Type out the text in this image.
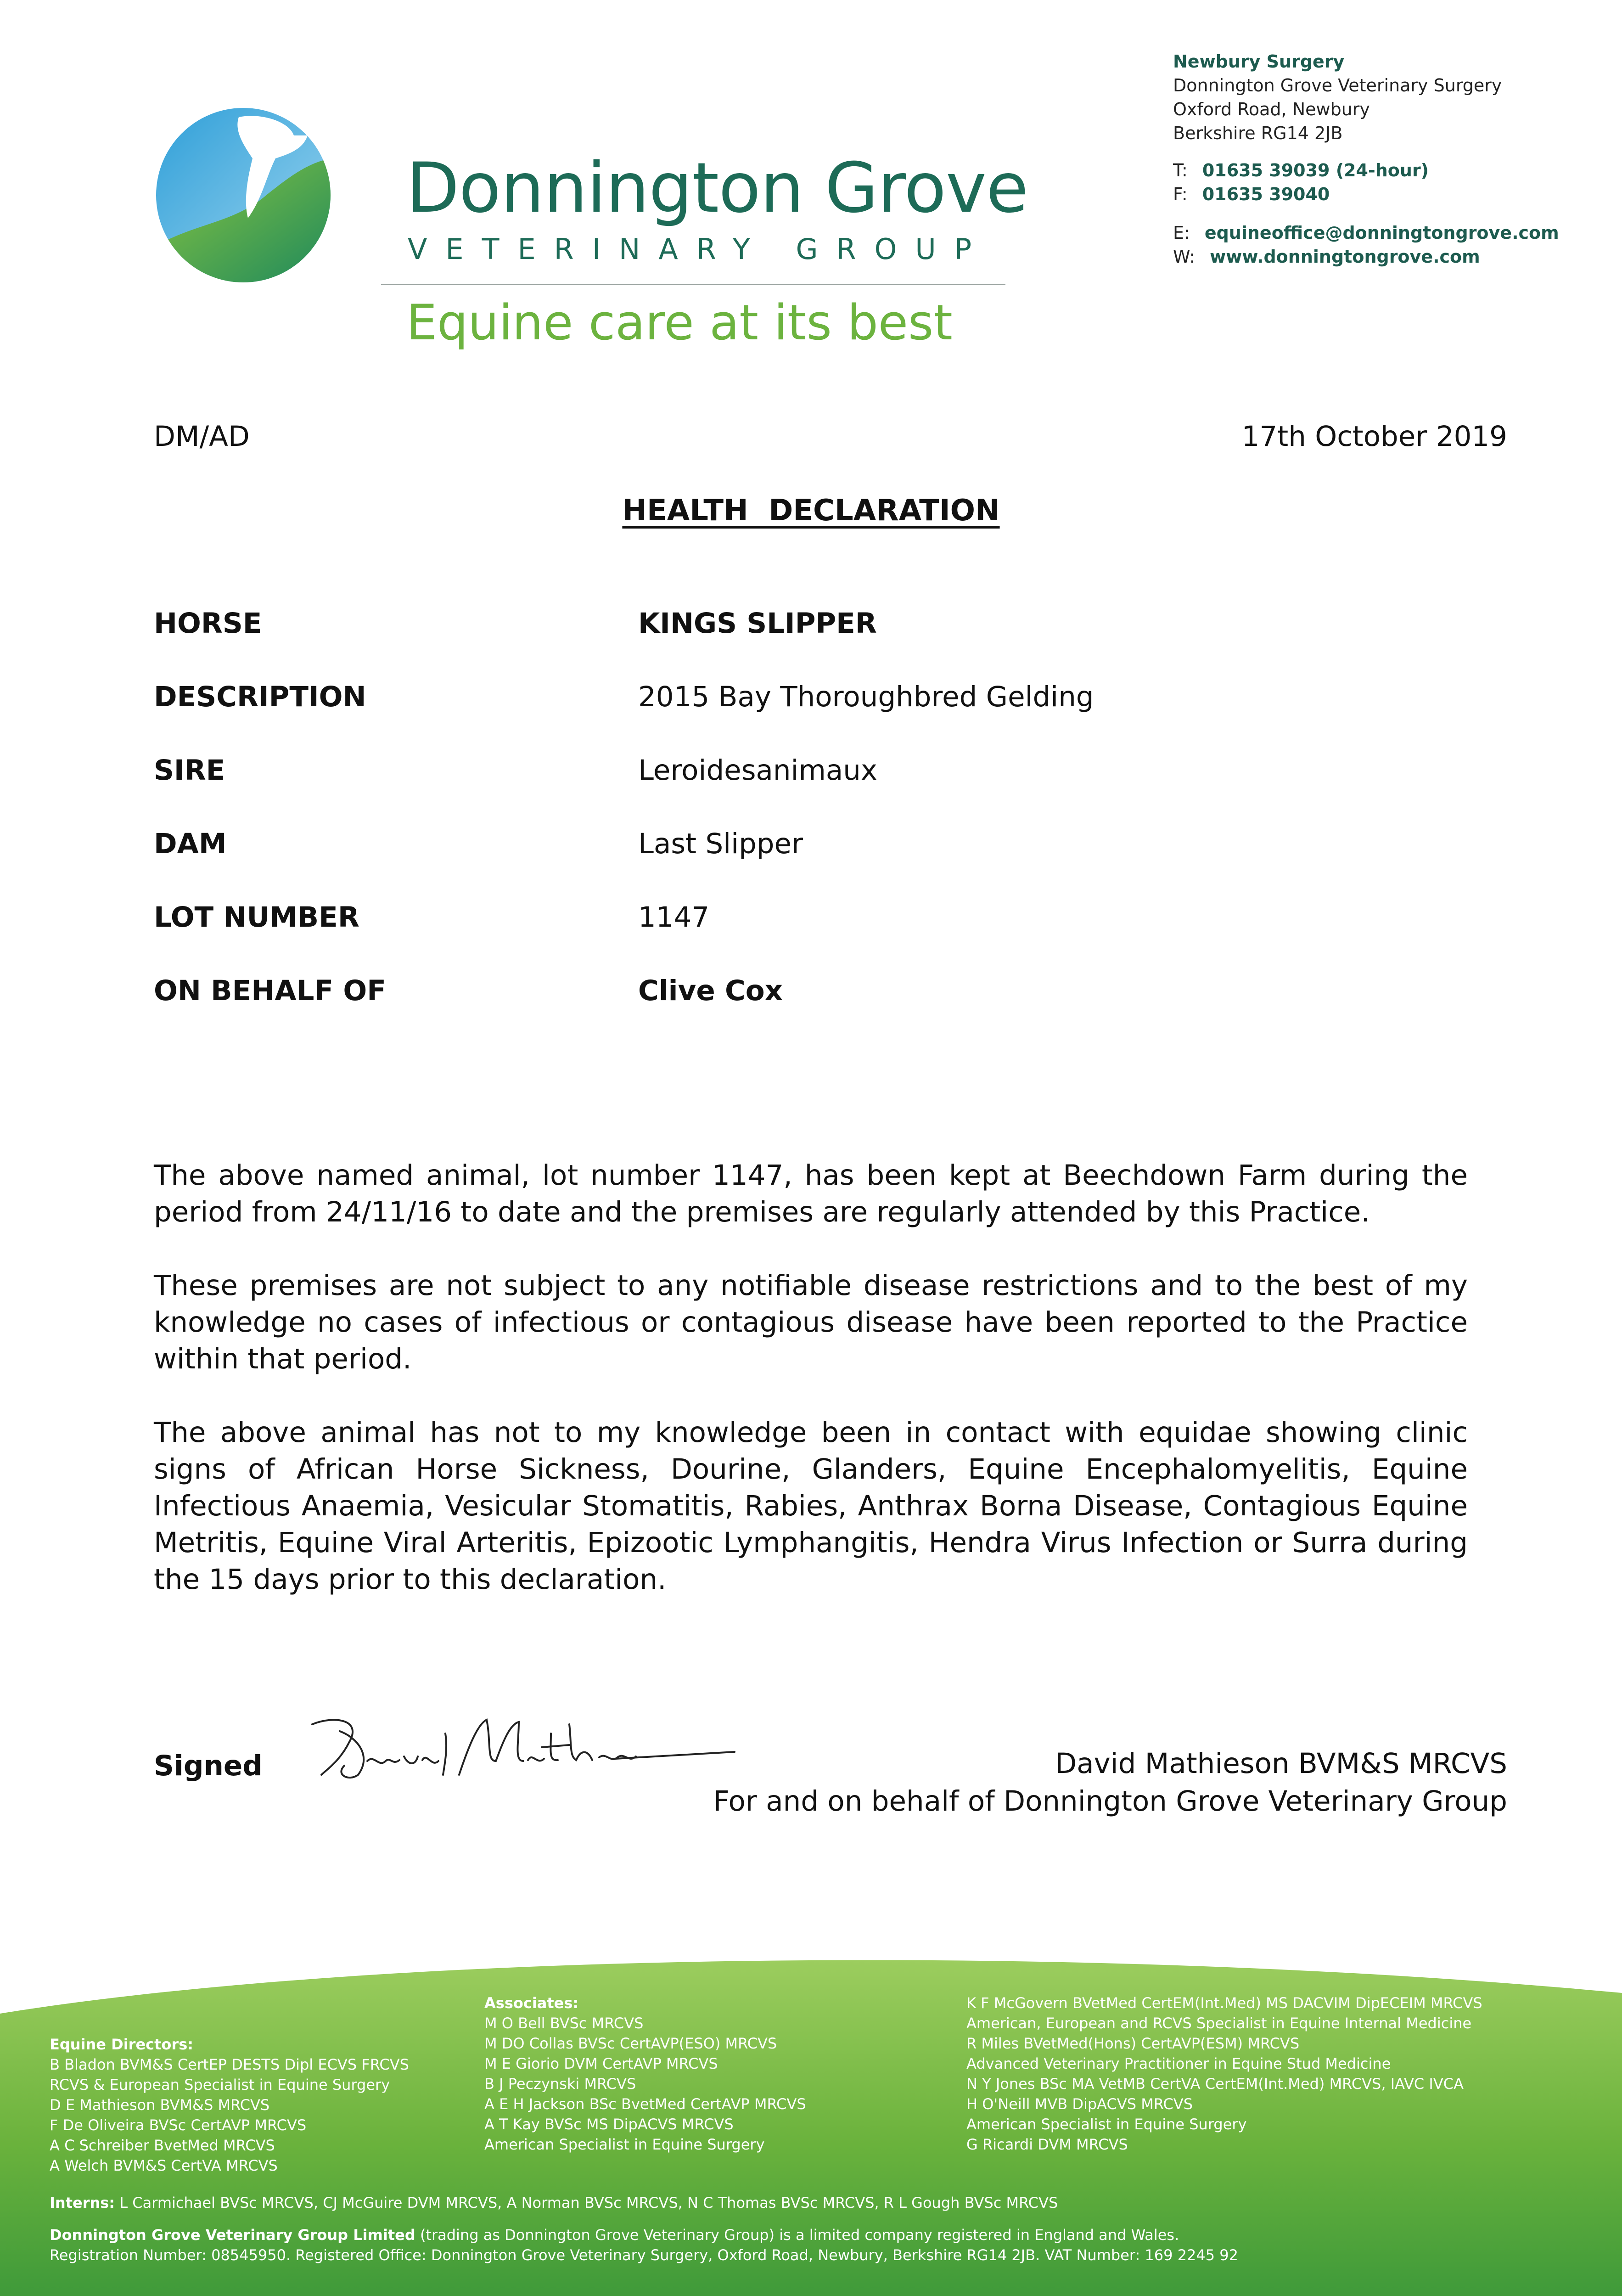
Donnington Grove
VETERINARY GROUP
Equine care at its best
Newbury Surgery
Donnington Grove Veterinary Surgery
Oxford Road, Newbury
Berkshire RG14 2JB
T: 01635 39039 (24-hour)
F: 01635 39040
E: equineoffice@donningtongrove.com
W: www.donningtongrove.com
DM/AD	17th October 2019
HEALTH  DECLARATION
HORSE	KINGS SLIPPER
DESCRIPTION	2015 Bay Thoroughbred Gelding
SIRE	Leroidesanimaux
DAM	Last Slipper
LOT NUMBER	1147
ON BEHALF OF	Clive Cox
The above named animal, lot number 1147, has been kept at Beechdown Farm during the period from 24/11/16 to date and the premises are regularly attended by this Practice.
These premises are not subject to any notifiable disease restrictions and to the best of my knowledge no cases of infectious or contagious disease have been reported to the Practice within that period.
The above animal has not to my knowledge been in contact with equidae showing clinic signs of African Horse Sickness, Dourine, Glanders, Equine Encephalomyelitis, Equine Infectious Anaemia, Vesicular Stomatitis, Rabies, Anthrax Borna Disease, Contagious Equine Metritis, Equine Viral Arteritis, Epizootic Lymphangitis, Hendra Virus Infection or Surra during the 15 days prior to this declaration.
Signed	David Mathieson BVM&S MRCVS
For and on behalf of Donnington Grove Veterinary Group
Equine Directors:
B Bladon BVM&S CertEP DESTS Dipl ECVS FRCVS
RCVS & European Specialist in Equine Surgery
D E Mathieson BVM&S MRCVS
F De Oliveira BVSc CertAVP MRCVS
A C Schreiber BvetMed MRCVS
A Welch BVM&S CertVA MRCVS
Associates:
M O Bell BVSc MRCVS
M DO Collas BVSc CertAVP(ESO) MRCVS
M E Giorio DVM CertAVP MRCVS
B J Peczynski MRCVS
A E H Jackson BSc BvetMed CertAVP MRCVS
A T Kay BVSc MS DipACVS MRCVS
American Specialist in Equine Surgery
K F McGovern BVetMed CertEM(Int.Med) MS DACVIM DipECEIM MRCVS
American, European and RCVS Specialist in Equine Internal Medicine
R Miles BVetMed(Hons) CertAVP(ESM) MRCVS
Advanced Veterinary Practitioner in Equine Stud Medicine
N Y Jones BSc MA VetMB CertVA CertEM(Int.Med) MRCVS, IAVC IVCA
H O'Neill MVB DipACVS MRCVS
American Specialist in Equine Surgery
G Ricardi DVM MRCVS
Interns: L Carmichael BVSc MRCVS, CJ McGuire DVM MRCVS, A Norman BVSc MRCVS, N C Thomas BVSc MRCVS, R L Gough BVSc MRCVS
Donnington Grove Veterinary Group Limited (trading as Donnington Grove Veterinary Group) is a limited company registered in England and Wales.
Registration Number: 08545950. Registered Office: Donnington Grove Veterinary Surgery, Oxford Road, Newbury, Berkshire RG14 2JB. VAT Number: 169 2245 92
